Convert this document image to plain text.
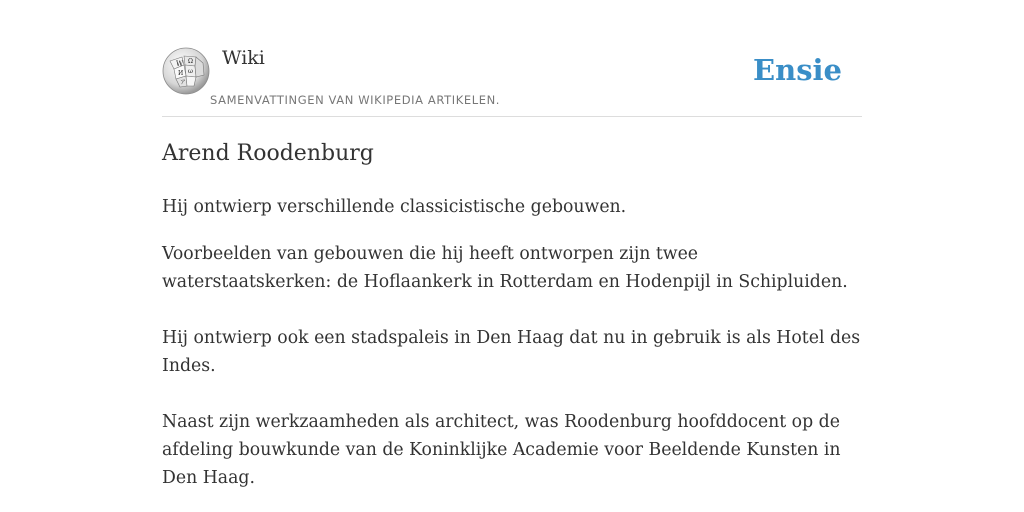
W Ω
И ω
ア
Wiki
SAMENVATTINGEN VAN WIKIPEDIA ARTIKELEN.
Ensie
Arend Roodenburg

Hij ontwierp verschillende classicistische gebouwen.

Voorbeelden van gebouwen die hij heeft ontworpen zijn twee waterstaatskerken: de Hoflaankerk in Rotterdam en Hodenpijl in Schipluiden.

Hij ontwierp ook een stadspaleis in Den Haag dat nu in gebruik is als Hotel des Indes.

Naast zijn werkzaamheden als architect, was Roodenburg hoofddocent op de afdeling bouwkunde van de Koninklijke Academie voor Beeldende Kunsten in Den Haag.
